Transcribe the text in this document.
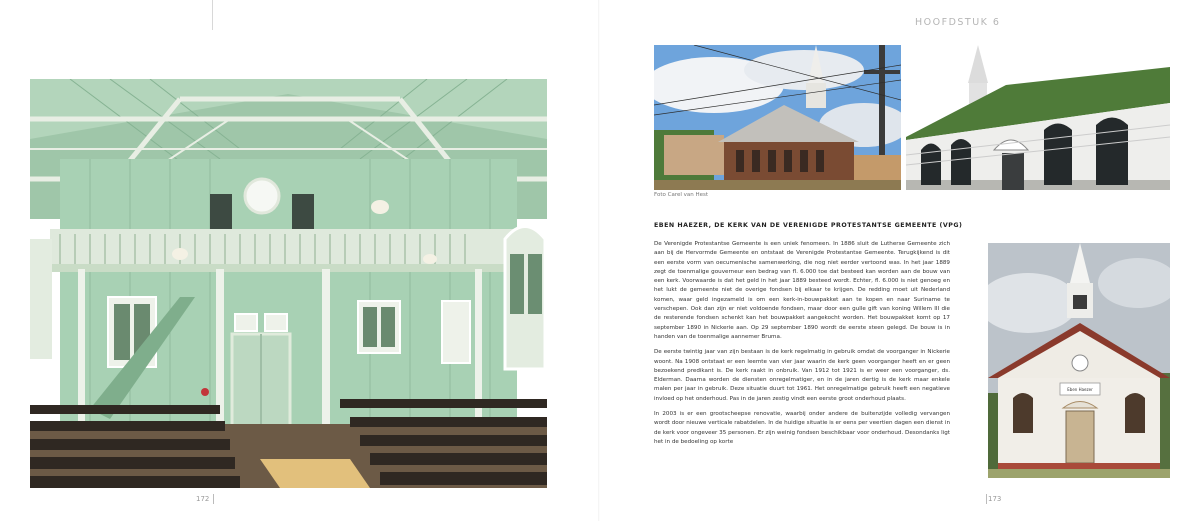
172
HOOFDSTUK 6
Foto Carel van Hest
Eben Haezer
EBEN HAEZER, DE KERK VAN DE VERENIGDE PROTESTANTSE GEMEENTE (VPG)

De Verenigde Protestantse Gemeente is een uniek fenomeen. In 1886 sluit de Lutherse Gemeente zich aan bij de Hervormde Gemeente en ontstaat de Verenigde Protestantse Gemeente. Terugkijkend is dit een eerste vorm van oecumenische samenwerking, die nog niet eerder vertoond was. In het jaar 1889 zegt de toenmalige gouverneur een bedrag van fl. 6.000 toe dat besteed kan worden aan de bouw van een kerk. Voorwaarde is dat het geld in het jaar 1889 besteed wordt. Echter, fl. 6.000 is niet genoeg en het lukt de gemeente niet de overige fondsen bij elkaar te krijgen. De redding moet uit Nederland komen, waar geld ingezameld is om een kerk-in-bouwpakket aan te kopen en naar Suriname te verschepen. Ook dan zijn er niet voldoende fondsen, maar door een gulle gift van koning Willem III die de resterende fondsen schenkt kan het bouwpakket aangekocht worden. Het bouwpakket komt op 17 september 1890 in Nickerie aan. Op 29 september 1890 wordt de eerste steen gelegd. De bouw is in handen van de toenmalige aannemer Bruma.

De eerste twintig jaar van zijn bestaan is de kerk regelmatig in gebruik omdat de voorganger in Nickerie woont. Na 1908 ontstaat er een leemte van vier jaar waarin de kerk geen voorganger heeft en er geen bezoekend predikant is. De kerk raakt in onbruik. Van 1912 tot 1921 is er weer een voorganger, ds. Elderman. Daarna worden de diensten onregelmatiger, en in de jaren dertig is de kerk maar enkele malen per jaar in gebruik. Deze situatie duurt tot 1961. Het onregelmatige gebruik heeft een negatieve invloed op het onderhoud. Pas in de jaren zestig vindt een eerste groot onderhoud plaats.

In 2003 is er een grootscheepse renovatie, waarbij onder andere de buitenzijde volledig vervangen wordt door nieuwe verticale rabatdelen. In de huidige situatie is er eens per veertien dagen een dienst in de kerk voor ongeveer 35 personen. Er zijn weinig fondsen beschikbaar voor onderhoud. Desondanks ligt het in de bedoeling op korte

173
